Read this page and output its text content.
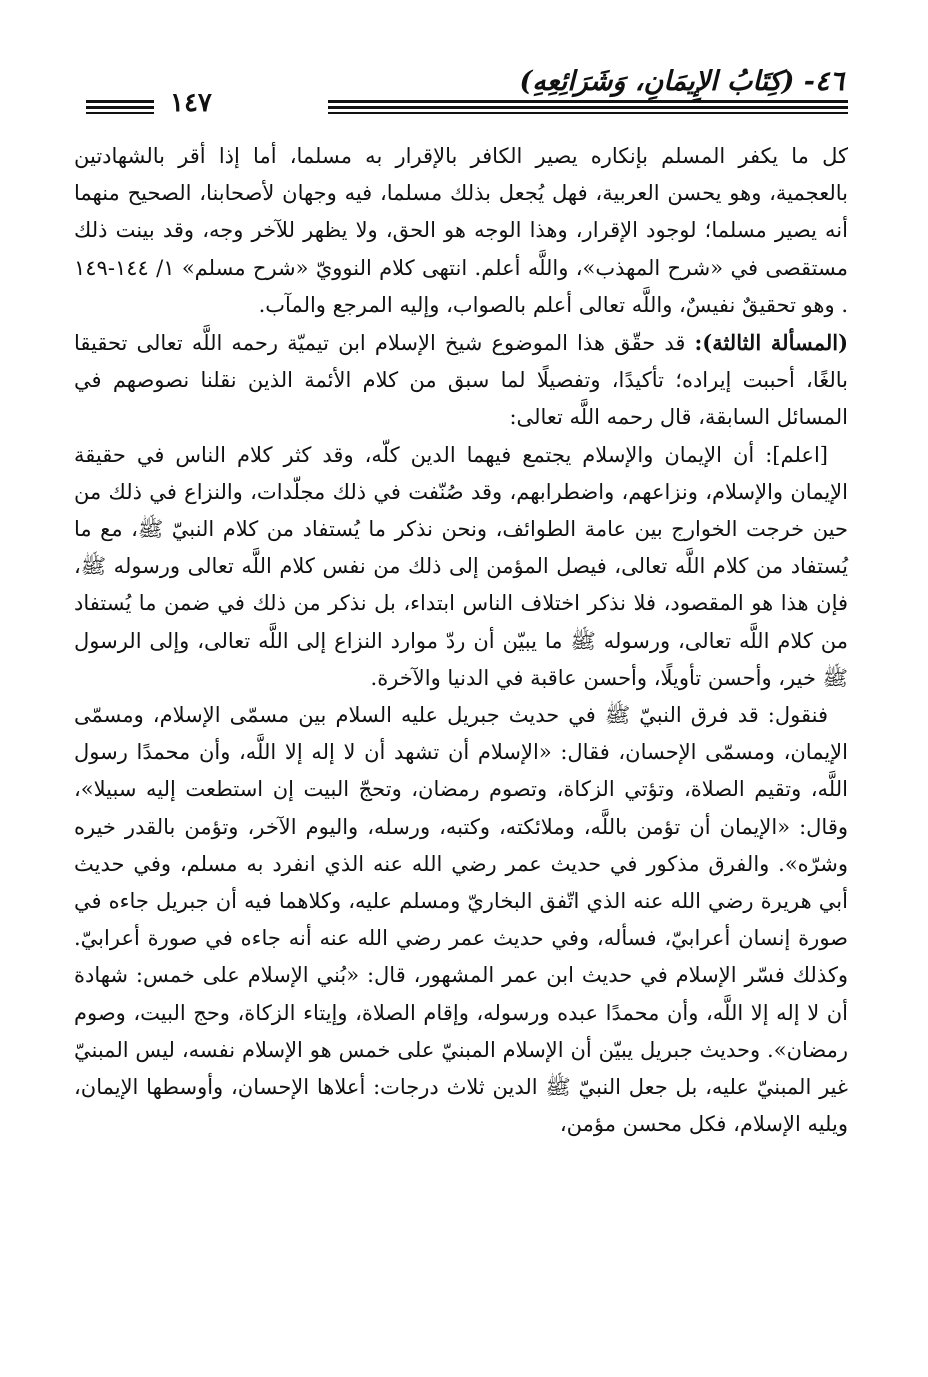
٤٦- (كِتَابُ الإِيمَانِ، وَشَرَائِعِهِ)
١٤٧

كل ما يكفر المسلم بإنكاره يصير الكافر بالإقرار به مسلما، أما إذا أقر بالشهادتين بالعجمية، وهو يحسن العربية، فهل يُجعل بذلك مسلما، فيه وجهان لأصحابنا، الصحيح منهما أنه يصير مسلما؛ لوجود الإقرار، وهذا الوجه هو الحق، ولا يظهر للآخر وجه، وقد بينت ذلك مستقصى في «شرح المهذب»، واللَّه أعلم. انتهى كلام النوويّ «شرح مسلم» ١/ ١٤٤-١٤٩ . وهو تحقيقٌ نفيسٌ، واللَّه تعالى أعلم بالصواب، وإليه المرجع والمآب.

(المسألة الثالثة): قد حقّق هذا الموضوع شيخ الإسلام ابن تيميّة رحمه اللَّه تعالى تحقيقا بالغًا، أحببت إيراده؛ تأكيدًا، وتفصيلًا لما سبق من كلام الأئمة الذين نقلنا نصوصهم في المسائل السابقة، قال رحمه اللَّه تعالى:

[اعلم]: أن الإيمان والإسلام يجتمع فيهما الدين كلّه، وقد كثر كلام الناس في حقيقة الإيمان والإسلام، ونزاعهم، واضطرابهم، وقد صُنّفت في ذلك مجلّدات، والنزاع في ذلك من حين خرجت الخوارج بين عامة الطوائف، ونحن نذكر ما يُستفاد من كلام النبيّ ﷺ، مع ما يُستفاد من كلام اللَّه تعالى، فيصل المؤمن إلى ذلك من نفس كلام اللَّه تعالى ورسوله ﷺ، فإن هذا هو المقصود، فلا نذكر اختلاف الناس ابتداء، بل نذكر من ذلك في ضمن ما يُستفاد من كلام اللَّه تعالى، ورسوله ﷺ ما يبيّن أن ردّ موارد النزاع إلى اللَّه تعالى، وإلى الرسول ﷺ خير، وأحسن تأويلًا، وأحسن عاقبة في الدنيا والآخرة.

فنقول: قد فرق النبيّ ﷺ في حديث جبريل عليه السلام بين مسمّى الإسلام، ومسمّى الإيمان، ومسمّى الإحسان، فقال: «الإسلام أن تشهد أن لا إله إلا اللَّه، وأن محمدًا رسول اللَّه، وتقيم الصلاة، وتؤتي الزكاة، وتصوم رمضان، وتحجّ البيت إن استطعت إليه سبيلا»، وقال: «الإيمان أن تؤمن باللَّه، وملائكته، وكتبه، ورسله، واليوم الآخر، وتؤمن بالقدر خيره وشرّه». والفرق مذكور في حديث عمر رضي الله عنه الذي انفرد به مسلم، وفي حديث أبي هريرة رضي الله عنه الذي اتّفق البخاريّ ومسلم عليه، وكلاهما فيه أن جبريل جاءه في صورة إنسان أعرابيّ، فسأله، وفي حديث عمر رضي الله عنه أنه جاءه في صورة أعرابيّ. وكذلك فسّر الإسلام في حديث ابن عمر المشهور، قال: «بُني الإسلام على خمس: شهادة أن لا إله إلا اللَّه، وأن محمدًا عبده ورسوله، وإقام الصلاة، وإيتاء الزكاة، وحج البيت، وصوم رمضان». وحديث جبريل يبيّن أن الإسلام المبنيّ على خمس هو الإسلام نفسه، ليس المبنيّ غير المبنيّ عليه، بل جعل النبيّ ﷺ الدين ثلاث درجات: أعلاها الإحسان، وأوسطها الإيمان، ويليه الإسلام، فكل محسن مؤمن،
